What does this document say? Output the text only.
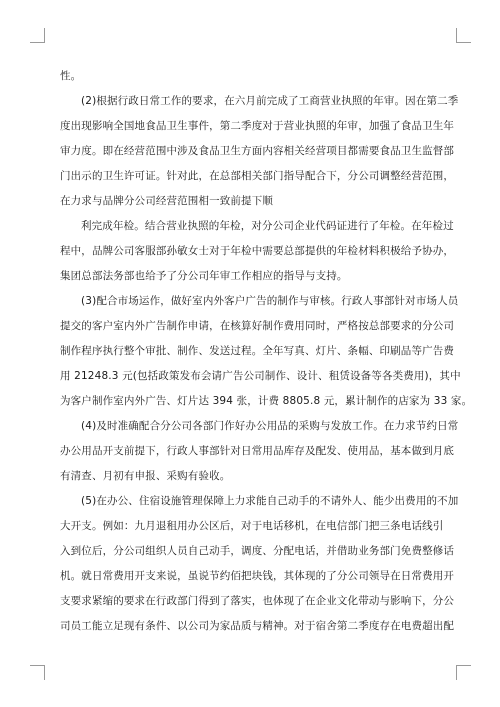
性。
(2)根据行政日常工作的要求，在六月前完成了工商营业执照的年审。因在第二季
度出现影响全国地食品卫生事件，第二季度对于营业执照的年审，加强了食品卫生年
审力度。即在经营范围中涉及食品卫生方面内容相关经营项目都需要食品卫生监督部
门出示的卫生许可证。针对此，在总部相关部门指导配合下，分公司调整经营范围，
在力求与品牌分公司经营范围相一致前提下顺
利完成年检。结合营业执照的年检，对分公司企业代码证进行了年检。在年检过
程中，品牌公司客服部孙敏女士对于年检中需要总部提供的年检材料积极给予协办，
集团总部法务部也给予了分公司年审工作相应的指导与支持。
(3)配合市场运作，做好室内外客户广告的制作与审核。行政人事部针对市场人员
提交的客户室内外广告制作申请，在核算好制作费用同时，严格按总部要求的分公司
制作程序执行整个审批、制作、发送过程。全年写真、灯片、条幅、印刷品等广告费
用 21248.3 元(包括政策发布会请广告公司制作、设计、租赁设备等各类费用)，其中
为客户制作室内外广告、灯片达 394 张，计费 8805.8 元，累计制作的店家为 33 家。
(4)及时准确配合分公司各部门作好办公用品的采购与发放工作。在力求节约日常
办公用品开支前提下，行政人事部针对日常用品库存及配发、使用品，基本做到月底
有清查、月初有申报、采购有验收。
(5)在办公、住宿设施管理保障上力求能自己动手的不请外人、能少出费用的不加
大开支。例如：九月退租用办公区后，对于电话移机，在电信部门把三条电话线引
入到位后，分公司组织人员自己动手，调度、分配电话，并借助业务部门免费整修话
机。就日常费用开支来说，虽说节约佰把块钱，其体现的了分公司领导在日常费用开
支要求紧缩的要求在行政部门得到了落实，也体现了在企业文化带动与影响下，分公
司员工能立足现有条件、以公司为家品质与精神。对于宿舍第二季度存在电费超出配
